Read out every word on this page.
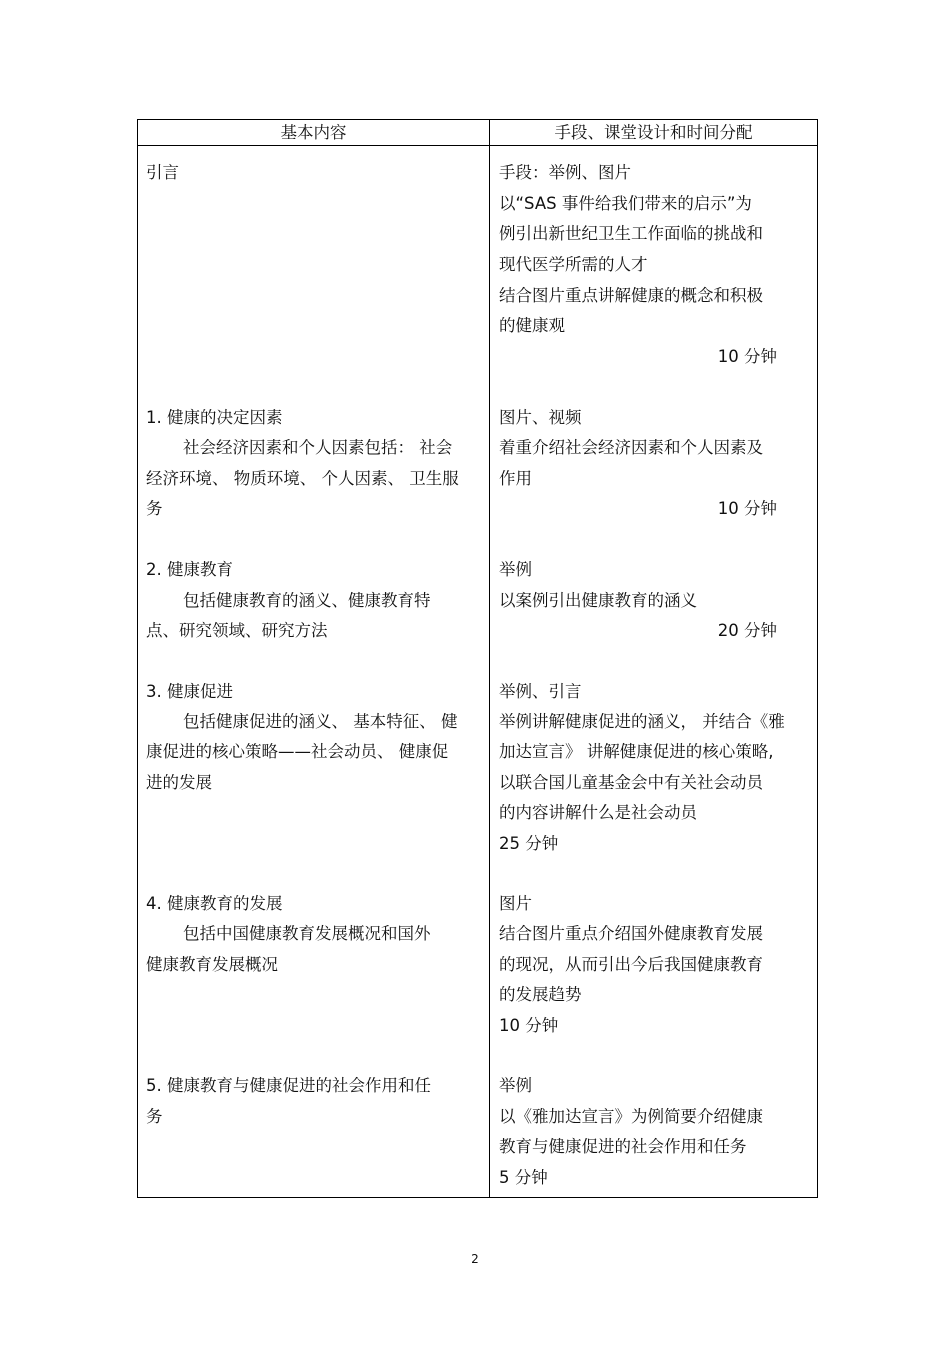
基本内容	手段、课堂设计和时间分配
引言	手段：举例、图片
以“SAS 事件给我们带来的启示”为
例引出新世纪卫生工作面临的挑战和
现代医学所需的人才
结合图片重点讲解健康的概念和积极
的健康观
10 分钟
1. 健康的决定因素
社会经济因素和个人因素包括： 社会
经济环境、 物质环境、 个人因素、 卫生服
务
图片、视频
着重介绍社会经济因素和个人因素及
作用
10 分钟
2. 健康教育
包括健康教育的涵义、健康教育特
点、研究领域、研究方法
举例
以案例引出健康教育的涵义
20 分钟
3. 健康促进
包括健康促进的涵义、 基本特征、 健
康促进的核心策略——社会动员、 健康促
进的发展
举例、引言
举例讲解健康促进的涵义， 并结合《雅
加达宣言》 讲解健康促进的核心策略,
以联合国儿童基金会中有关社会动员
的内容讲解什么是社会动员
25 分钟
4. 健康教育的发展
包括中国健康教育发展概况和国外
健康教育发展概况
图片
结合图片重点介绍国外健康教育发展
的现况，从而引出今后我国健康教育
的发展趋势
10 分钟
5. 健康教育与健康促进的社会作用和任
务
举例
以《雅加达宣言》为例简要介绍健康
教育与健康促进的社会作用和任务
5 分钟
2
